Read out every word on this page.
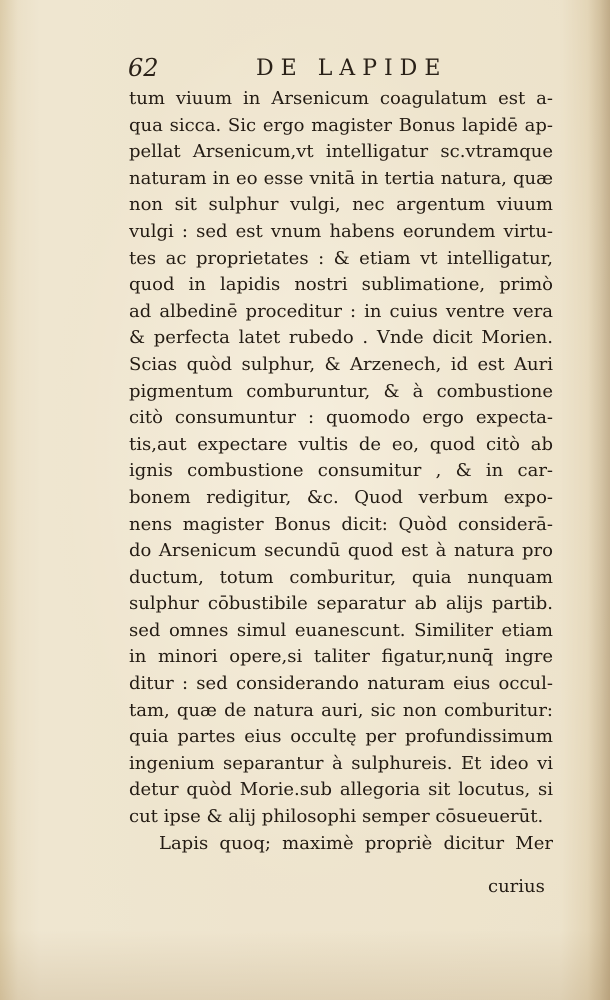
62	DE LAPIDE
tum viuum in Arsenicum coagulatum est a-
qua sicca. Sic ergo magister Bonus lapidē ap-
pellat Arsenicum,vt intelligatur sc.vtramque
naturam in eo esse vnitā in tertia natura, quæ
non sit sulphur vulgi, nec argentum viuum
vulgi : sed est vnum habens eorundem virtu-
tes ac proprietates : & etiam vt intelligatur,
quod in lapidis nostri sublimatione, primò
ad albedinē proceditur : in cuius ventre vera
& perfecta latet rubedo . Vnde dicit Morien.
Scias quòd sulphur, & Arzenech, id est Auri
pigmentum comburuntur, & à combustione
citò consumuntur : quomodo ergo expecta-
tis,aut expectare vultis de eo, quod citò ab
ignis combustione consumitur , & in car-
bonem redigitur, &c. Quod verbum expo-
nens magister Bonus dicit: Quòd considerā-
do Arsenicum secundū quod est à natura pro
ductum, totum comburitur, quia nunquam
sulphur cōbustibile separatur ab alijs partib.
sed omnes simul euanescunt. Similiter etiam
in minori opere,si taliter figatur,nunq̄ ingre
ditur : sed considerando naturam eius occul-
tam, quæ de natura auri, sic non comburitur:
quia partes eius occultę per profundissimum
ingenium separantur à sulphureis. Et ideo vi
detur quòd Morie.sub allegoria sit locutus, si
cut ipse & alij philosophi semper cōsueuerūt.
Lapis quoq; maximè propriè dicitur Mer
curius
